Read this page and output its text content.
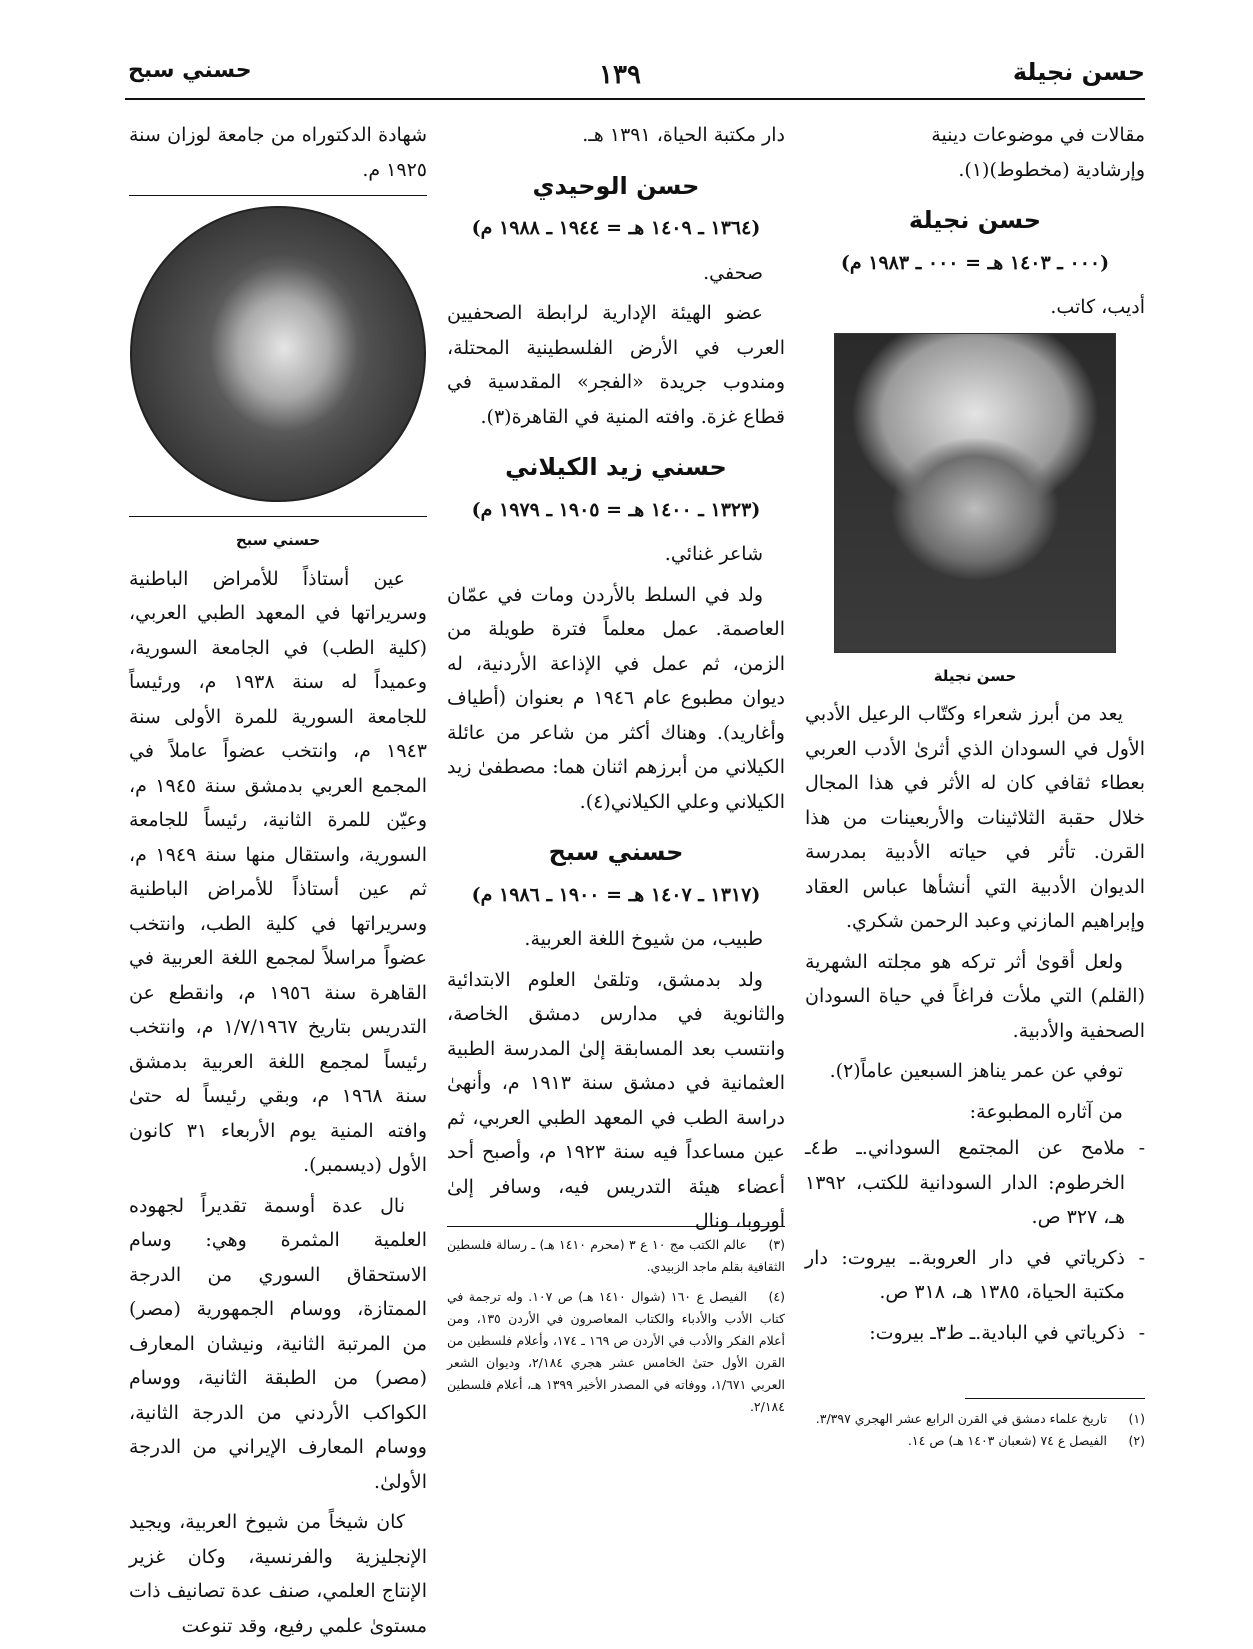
حسن نجيلة
١٣٩
حسني سبح

مقالات في موضوعات دينية

وإرشادية (مخطوط)(١).

حسن نجيلة
(٠٠٠ ـ ١٤٠٣ هـ = ٠٠٠ ـ ١٩٨٣ م)

أديب، كاتب.

حسن نجيلة

يعد من أبرز شعراء وكتّاب الرعيل الأدبي الأول في السودان الذي أثرىٰ الأدب العربي بعطاء ثقافي كان له الأثر في هذا المجال خلال حقبة الثلاثينات والأربعينات من هذا القرن. تأثر في حياته الأدبية بمدرسة الديوان الأدبية التي أنشأها عباس العقاد وإبراهيم المازني وعبد الرحمن شكري.

ولعل أقوىٰ أثر تركه هو مجلته الشهرية (القلم) التي ملأت فراغاً في حياة السودان الصحفية والأدبية.

توفي عن عمر يناهز السبعين عاماً(٢).

من آثاره المطبوعة:

- ملامح عن المجتمع السوداني.ـ ط٤ـ الخرطوم: الدار السودانية للكتب، ١٣٩٢ هـ، ٣٢٧ ص.

- ذكرياتي في دار العروبة.ـ بيروت: دار مكتبة الحياة، ١٣٨٥ هـ، ٣١٨ ص.

- ذكرياتي في البادية.ـ ط٣ـ بيروت:

(١)تاريخ علماء دمشق في القرن الرابع عشر الهجري ٣/٣٩٧.
(٢)الفيصل ع ٧٤ (شعبان ١٤٠٣ هـ) ص ١٤.

دار مكتبة الحياة، ١٣٩١ هـ.

حسن الوحيدي
(١٣٦٤ ـ ١٤٠٩ هـ = ١٩٤٤ ـ ١٩٨٨ م)

صحفي.

عضو الهيئة الإدارية لرابطة الصحفيين العرب في الأرض الفلسطينية المحتلة، ومندوب جريدة «الفجر» المقدسية في قطاع غزة. وافته المنية في القاهرة(٣).

حسني زيد الكيلاني
(١٣٢٣ ـ ١٤٠٠ هـ = ١٩٠٥ ـ ١٩٧٩ م)

شاعر غنائي.

ولد في السلط بالأردن ومات في عمّان العاصمة. عمل معلماً فترة طويلة من الزمن، ثم عمل في الإذاعة الأردنية، له ديوان مطبوع عام ١٩٤٦ م بعنوان (أطياف وأغاريد). وهناك أكثر من شاعر من عائلة الكيلاني من أبرزهم اثنان هما: مصطفىٰ زيد الكيلاني وعلي الكيلاني(٤).

حسني سبح
(١٣١٧ ـ ١٤٠٧ هـ = ١٩٠٠ ـ ١٩٨٦ م)

طبيب، من شيوخ اللغة العربية.

ولد بدمشق، وتلقىٰ العلوم الابتدائية والثانوية في مدارس دمشق الخاصة، وانتسب بعد المسابقة إلىٰ المدرسة الطبية العثمانية في دمشق سنة ١٩١٣ م، وأنهىٰ دراسة الطب في المعهد الطبي العربي، ثم عين مساعداً فيه سنة ١٩٢٣ م، وأصبح أحد أعضاء هيئة التدريس فيه، وسافر إلىٰ أوروبا، ونال

(٣)عالم الكتب مج ١٠ ع ٣ (محرم ١٤١٠ هـ) ـ رسالة فلسطين الثقافية بقلم ماجد الزبيدي.
(٤)الفيصل ع ١٦٠ (شوال ١٤١٠ هـ) ص ١٠٧. وله ترجمة في كتاب الأدب والأدباء والكتاب المعاصرون في الأردن ١٣٥، ومن أعلام الفكر والأدب في الأردن ص ١٦٩ ـ ١٧٤، وأعلام فلسطين من القرن الأول حتىٰ الخامس عشر هجري ٢/١٨٤، وديوان الشعر العربي ١/٦٧١، ووفاته في المصدر الأخير ١٣٩٩ هـ، أعلام فلسطين ٢/١٨٤.

شهادة الدكتوراه من جامعة لوزان سنة ١٩٢٥ م.

حسني سبح

عين أستاذاً للأمراض الباطنية وسريراتها في المعهد الطبي العربي، (كلية الطب) في الجامعة السورية، وعميداً له سنة ١٩٣٨ م، ورئيساً للجامعة السورية للمرة الأولى سنة ١٩٤٣ م، وانتخب عضواً عاملاً في المجمع العربي بدمشق سنة ١٩٤٥ م، وعيّن للمرة الثانية، رئيساً للجامعة السورية، واستقال منها سنة ١٩٤٩ م، ثم عين أستاذاً للأمراض الباطنية وسريراتها في كلية الطب، وانتخب عضواً مراسلاً لمجمع اللغة العربية في القاهرة سنة ١٩٥٦ م، وانقطع عن التدريس بتاريخ ١/٧/١٩٦٧ م، وانتخب رئيساً لمجمع اللغة العربية بدمشق سنة ١٩٦٨ م، وبقي رئيساً له حتىٰ وافته المنية يوم الأربعاء ٣١ كانون الأول (ديسمبر).

نال عدة أوسمة تقديراً لجهوده العلمية المثمرة وهي: وسام الاستحقاق السوري من الدرجة الممتازة، ووسام الجمهورية (مصر) من المرتبة الثانية، ونيشان المعارف (مصر) من الطبقة الثانية، ووسام الكواكب الأردني من الدرجة الثانية، ووسام المعارف الإيراني من الدرجة الأولىٰ.

كان شيخاً من شيوخ العربية، ويجيد الإنجليزية والفرنسية، وكان غزير الإنتاج العلمي، صنف عدة تصانيف ذات مستوىٰ علمي رفيع، وقد تنوعت
